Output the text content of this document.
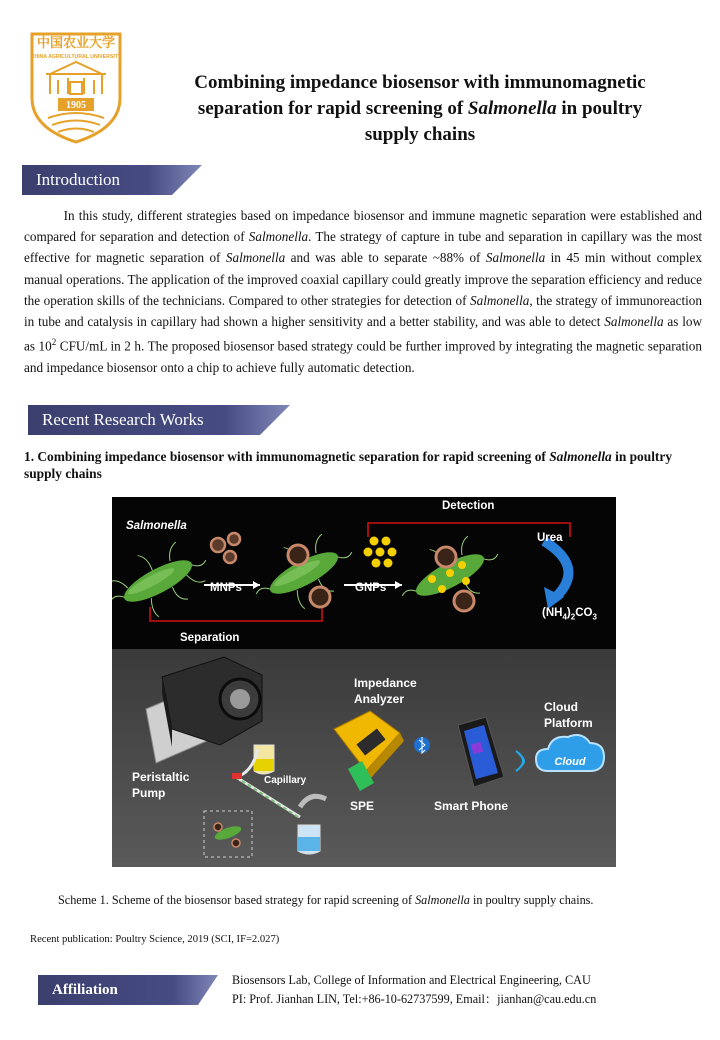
中国农业大学
CHINA AGRICULTURAL UNIVERSITY
1905
Combining impedance biosensor with immunomagnetic
separation for rapid screening of Salmonella in poultry
supply chains
Introduction

   In this study, different strategies based on impedance biosensor and immune magnetic separation were established and compared for separation and detection of Salmonella. The strategy of capture in tube and separation in capillary was the most effective for magnetic separation of Salmonella and was able to separate ~88% of Salmonella in 45 min without complex manual operations. The application of the improved coaxial capillary could greatly improve the separation efficiency and reduce the operation skills of the technicians. Compared to other strategies for detection of Salmonella, the strategy of immunoreaction in tube and catalysis in capillary had shown a higher sensitivity and a better stability, and was able to detect Salmonella as low as $10^2$ CFU/mL in 2 h. The proposed biosensor based strategy could be further improved by integrating the magnetic separation and impedance biosensor onto a chip to achieve fully automatic detection.

Recent Research Works
1. Combining impedance biosensor with immunomagnetic separation for rapid screening of Salmonella in poultry supply chains
Salmonella
MNPs	GNPs
Detection
Urea
$(NH_4)_2CO_3$
Separation
Cloud
Peristaltic
Pump
Capillary
Impedance
Analyzer
SPE	Smart Phone
Cloud
Platform
Scheme 1. Scheme of the biosensor based strategy for rapid screening of Salmonella in poultry supply chains.
Recent publication: Poultry Science, 2019 (SCI, IF=2.027)
Affiliation
Biosensors Lab, College of Information and Electrical Engineering, CAU
PI: Prof. Jianhan LIN, Tel:+86-10-62737599, Email：jianhan@cau.edu.cn
